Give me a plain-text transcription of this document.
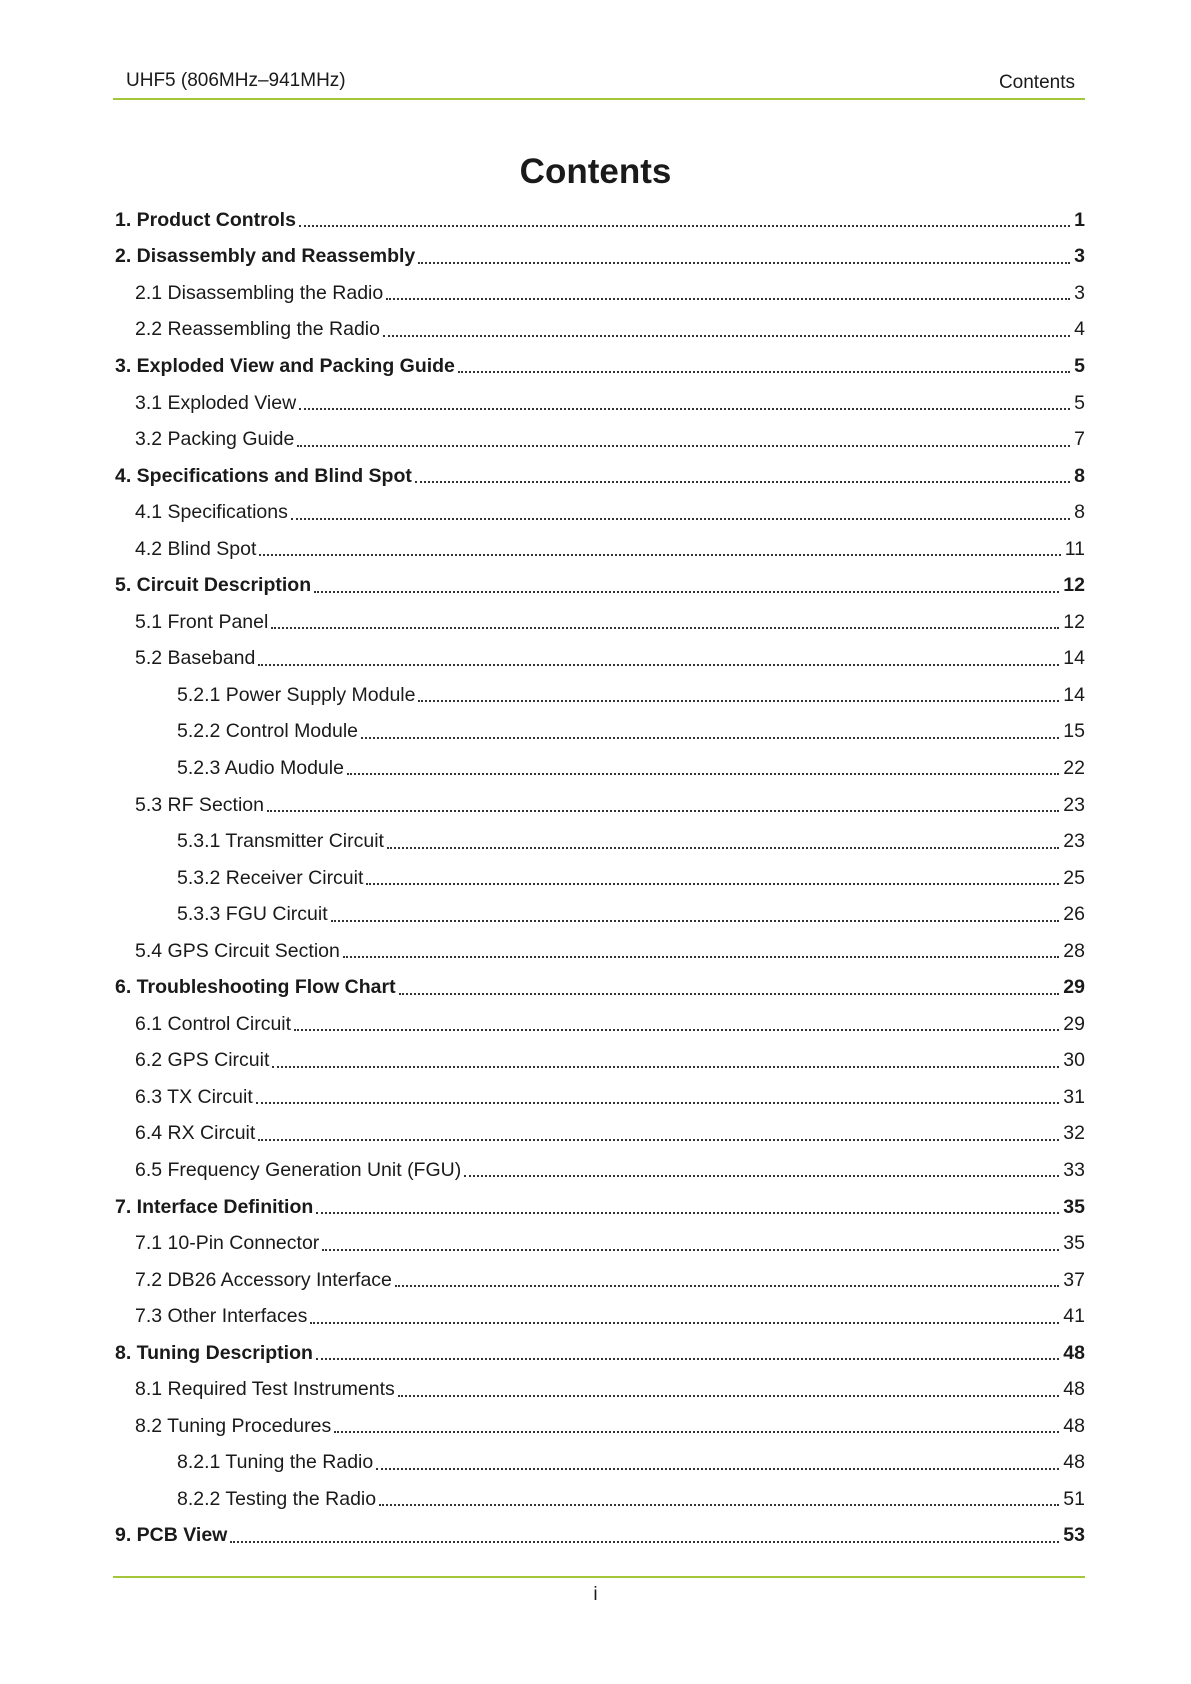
UHF5 (806MHz–941MHz)	Contents
Contents
1. Product Controls	1
2. Disassembly and Reassembly	3
2.1 Disassembling the Radio	3
2.2 Reassembling the Radio	4
3. Exploded View and Packing Guide	5
3.1 Exploded View	5
3.2 Packing Guide	7
4. Specifications and Blind Spot	8
4.1 Specifications	8
4.2 Blind Spot	11
5. Circuit Description	12
5.1 Front Panel	12
5.2 Baseband	14
5.2.1 Power Supply Module	14
5.2.2 Control Module	15
5.2.3 Audio Module	22
5.3 RF Section	23
5.3.1 Transmitter Circuit	23
5.3.2 Receiver Circuit	25
5.3.3 FGU Circuit	26
5.4 GPS Circuit Section	28
6. Troubleshooting Flow Chart	29
6.1 Control Circuit	29
6.2 GPS Circuit	30
6.3 TX Circuit	31
6.4 RX Circuit	32
6.5 Frequency Generation Unit (FGU)	33
7. Interface Definition	35
7.1 10-Pin Connector	35
7.2 DB26 Accessory Interface	37
7.3 Other Interfaces	41
8. Tuning Description	48
8.1 Required Test Instruments	48
8.2 Tuning Procedures	48
8.2.1 Tuning the Radio	48
8.2.2 Testing the Radio	51
9. PCB View	53
i
